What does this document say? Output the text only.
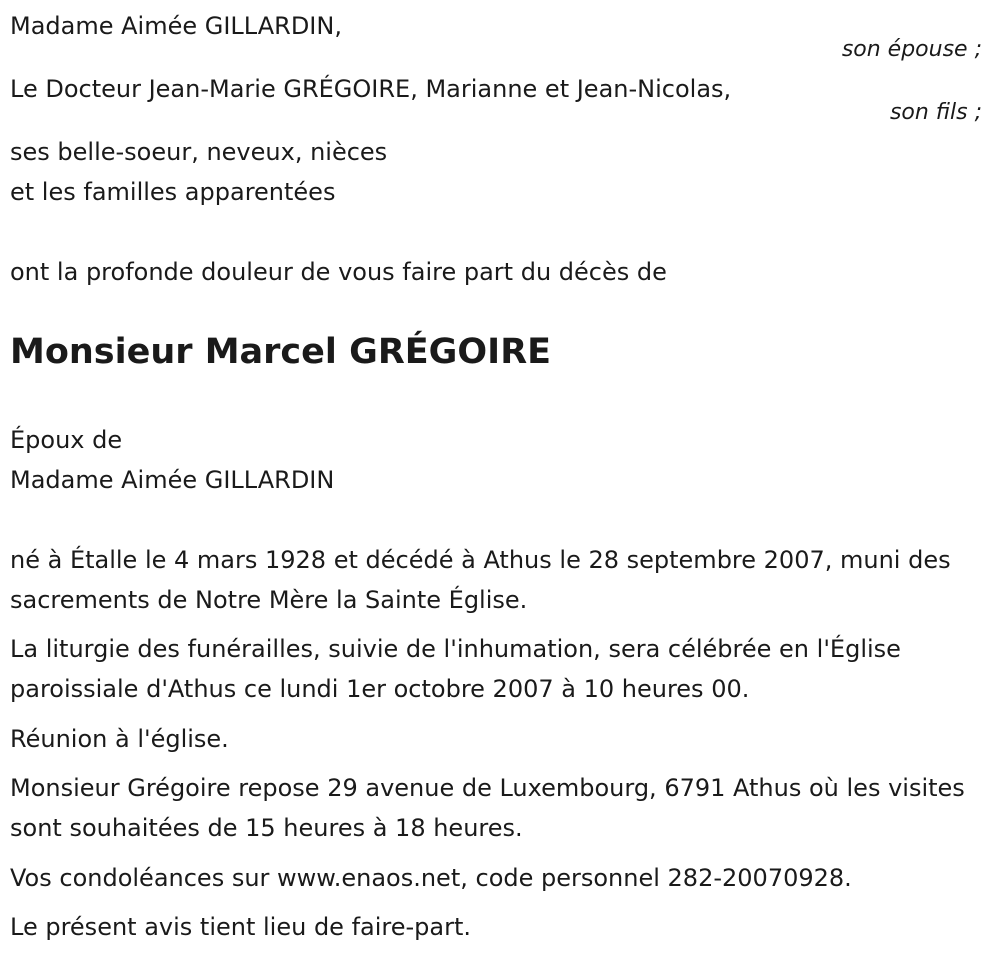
Madame Aimée GILLARDIN,

son épouse ;

Le Docteur Jean-Marie GRÉGOIRE, Marianne et Jean-Nicolas,

son fils ;

ses belle-soeur, neveux, nièces

et les familles apparentées

ont la profonde douleur de vous faire part du décès de

Monsieur Marcel GRÉGOIRE

Époux de

Madame Aimée GILLARDIN

né à Étalle le 4 mars 1928 et décédé à Athus le 28 septembre 2007, muni des sacrements de Notre Mère la Sainte Église.

La liturgie des funérailles, suivie de l'inhumation, sera célébrée en l'Église paroissiale d'Athus ce lundi 1er octobre 2007 à 10 heures 00.

Réunion à l'église.

Monsieur Grégoire repose 29 avenue de Luxembourg, 6791 Athus où les visites sont souhaitées de 15 heures à 18 heures.

Vos condoléances sur www.enaos.net, code personnel 282-20070928.

Le présent avis tient lieu de faire-part.
